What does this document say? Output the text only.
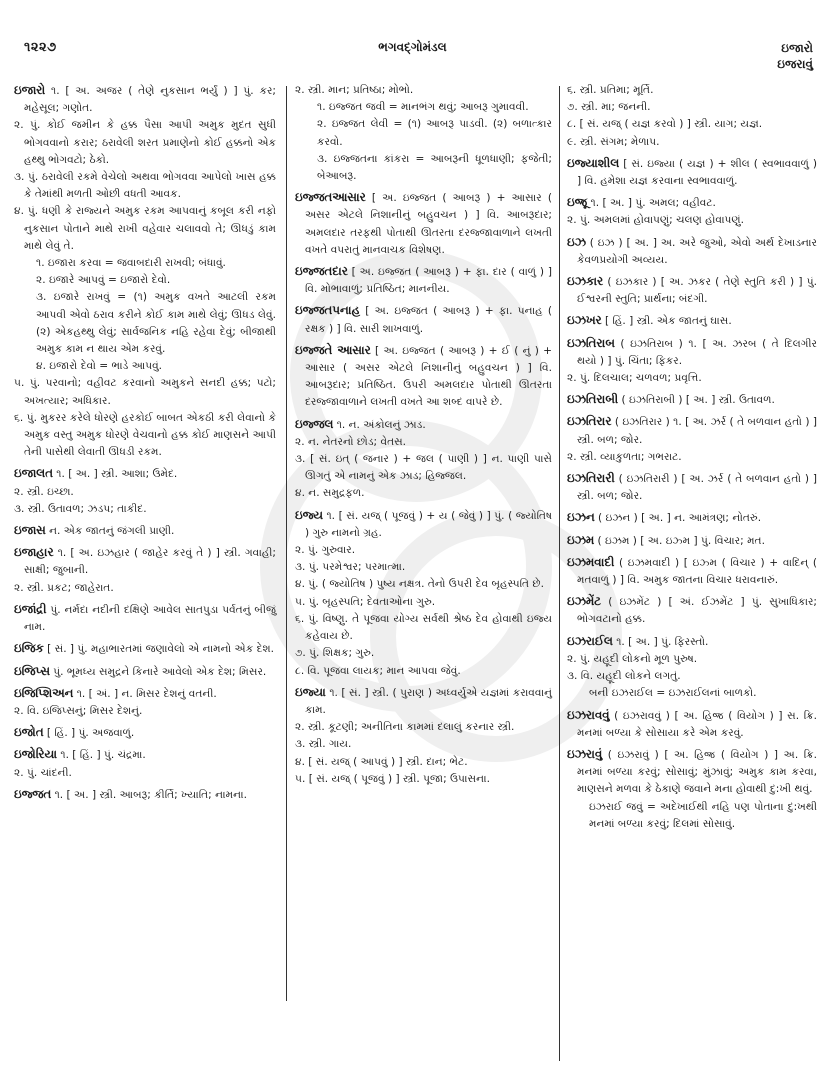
૧૨૨૭	ભગવદ્ગોમંડલ	ઇજારો
ઇજરાવું
ઇજારો ૧. [ અ. અજર ( તેણે નુકસાન ભર્યું ) ] પું. કર; મહેસૂલ; ગણોત.
૨. પું. કોઈ જમીન કે હક્ક પૈસા આપી અમુક મુદત સુધી ભોગવવાનો કરાર; ઠરાવેલી શરત પ્રમાણેનો કોઈ હક્કનો એક હથ્થુ ભોગવટો; ઠેકો.
૩. પું. ઠરાવેલી રકમે વેચેલો અથવા ભોગવવા આપેલો ખાસ હક્ક કે તેમાંથી મળતી ઓછી વધતી આવક.
૪. પું. ધણી કે રાજ્યને અમુક રકમ આપવાનું કબૂલ કરી નફો નુકસાન પોતાને માથે રાખી વહેવાર ચલાવવો તે; ઊધડું કામ માથે લેવું તે.
૧. ઇજારા કરવા = જવાબદારી રાખવી; બંધાવું.
૨. ઇજારે આપવું = ઇજારો દેવો.
૩. ઇજારે રાખવું = (૧) અમુક વખતે આટલી રકમ આપવી એવો ઠરાવ કરીને કોઈ કામ માથે લેવું; ઊધડ લેવું. (૨) એકહથ્થુ લેવું; સાર્વજનિક નહિ રહેવા દેવું; બીજાથી અમુક કામ ન થાય એમ કરવું.
૪. ઇજારો દેવો = ભાડે આપવું.
૫. પું. પરવાનો; વહીવટ કરવાનો અમુકને સનદી હક્ક; પટો; અખત્યાર; અધિકાર.
૬. પું. મુકરર કરેલે ધોરણે હરકોઈ બાબત એકઠી કરી લેવાનો કે અમુક વસ્તુ અમુક ધોરણે વેચવાનો હક્ક કોઈ માણસને આપી તેની પાસેથી લેવાતી ઊધડી રકમ.
ઇજાલત ૧. [ અ. ] સ્ત્રી. આશા; ઉમેદ.
૨. સ્ત્રી. ઇચ્છા.
૩. સ્ત્રી. ઉતાવળ; ઝડપ; તાકીદ.
ઇજાસ ન. એક જાતનું જંગલી પ્રાણી.
ઇજાહાર ૧. [ અ. ઇઝહાર ( જાહેર કરવું તે ) ] સ્ત્રી. ગવાહી; સાક્ષી; જુબાની.
૨. સ્ત્રી. પ્રકટ; જાહેરાત.
ઇજાંદ્રી પું. નર્મદા નદીની દક્ષિણે આવેલ સાતપુડા પર્વતનું બીજું નામ.
ઇજિક [ સં. ] પું. મહાભારતમાં જણાવેલો એ નામનો એક દેશ.
ઇજિપ્સ પું. ભૂમધ્ય સમુદ્રને કિનારે આવેલો એક દેશ; મિસર.
ઇજિપ્શિઅન ૧. [ અં. ] ન. મિસર દેશનું વતની.
૨. વિ. ઇજિપ્સનું; મિસર દેશનું.
ઇજોત [ હિં. ] પું. અજવાળું.
ઇજોરિયા ૧. [ હિં. ] પું. ચંદ્રમા.
૨. પું. ચાંદની.
ઇજ્જત ૧. [ અ. ] સ્ત્રી. આબરૂ; કીર્તિ; ખ્યાતિ; નામના.
૨. સ્ત્રી. માન; પ્રતિષ્ઠા; મોભો.
૧. ઇજ્જત જવી = માનભંગ થવું; આબરૂ ગુમાવવી.
૨. ઇજ્જત લેવી = (૧) આબરૂ પાડવી. (૨) બળાત્કાર કરવો.
૩. ઇજ્જતના કાંકરા = આબરૂની ધૂળધાણી; ફજેતી; બેઆબરૂ.
ઇજ્જતઆસાર [ અ. ઇજ્જત ( આબરૂ ) + આસાર ( અસર એટલે નિશાનીનું બહુવચન ) ] વિ. આબરૂદાર; અમલદાર તરફથી પોતાથી ઊતરતા દરજ્જાવાળાને લખતી વખતે વપરાતું માનવાચક વિશેષણ.
ઇજ્જતદાર [ અ. ઇજ્જત ( આબરૂ ) + ફા. દાર ( વાળું ) ] વિ. મોભાવાળું; પ્રતિષ્ઠિત; માનનીય.
ઇજ્જતપનાહ [ અ. ઇજ્જત ( આબરૂ ) + ફા. પનાહ ( રક્ષક ) ] વિ. સારી શાખવાળું.
ઇજ્જતે આસાર [ અ. ઇજ્જત ( આબરૂ ) + ઈ ( નું ) + આસાર ( અસર એટલે નિશાનીનું બહુવચન ) ] વિ. આબરૂદાર; પ્રતિષ્ઠિત. ઉપરી અમલદાર પોતાથી ઊતરતા દરજ્જાવાળાને લખતી વખતે આ શબ્દ વાપરે છે.
ઇજ્જલ ૧. ન. અંકોલનું ઝાડ.
૨. ન. નેતરનો છોડ; વેતસ.
૩. [ સં. ઇત્ ( જનાર ) + જલ ( પાણી ) ] ન. પાણી પાસે ઊગતું એ નામનું એક ઝાડ; હિજ્જલ.
૪. ન. સમુદ્રફળ.
ઇજ્ય ૧. [ સં. યજ્ ( પૂજવું ) + ય ( જેવું ) ] પું. ( જ્યોતિષ ) ગુરુ નામનો ગ્રહ.
૨. પું. ગુરુવાર.
૩. પું. પરમેશ્વર; પરમાત્મા.
૪. પું. ( જ્યોતિષ ) પુષ્ય નક્ષત્ર. તેનો ઉપરી દેવ બૃહસ્પતિ છે.
૫. પું. બૃહસ્પતિ; દેવતાઓના ગુરુ.
૬. પું. વિષ્ણુ. તે પૂજવા યોગ્ય સર્વથી શ્રેષ્ઠ દેવ હોવાથી ઇજ્ય કહેવાય છે.
૭. પું. શિક્ષક; ગુરુ.
૮. વિ. પૂજવા લાયક; માન આપવા જેવું.
ઇજ્યા ૧. [ સં. ] સ્ત્રી. ( પુરાણ ) અધ્વર્યુએ યજ્ઞમાં કરાવવાનું કામ.
૨. સ્ત્રી. કૂટણી; અનીતિના કામમાં દલાલું કરનાર સ્ત્રી.
૩. સ્ત્રી. ગાય.
૪. [ સં. યજ્ ( આપવું ) ] સ્ત્રી. દાન; ભેટ.
૫. [ સં. યજ્ ( પૂજવું ) ] સ્ત્રી. પૂજા; ઉપાસના.
૬. સ્ત્રી. પ્રતિમા; મૂર્તિ.
૭. સ્ત્રી. મા; જનની.
૮. [ સં. યજ્ ( યજ્ઞ કરવો ) ] સ્ત્રી. યાગ; યજ્ઞ.
૯. સ્ત્રી. સંગમ; મેળાપ.
ઇજ્યાશીલ [ સં. ઇજ્યા ( યજ્ઞ ) + શીલ ( સ્વભાવવાળું ) ] વિ. હમેશા યજ્ઞ કરવાના સ્વભાવવાળું.
ઇજ્રૂ ૧. [ અ. ] પું. અમલ; વહીવટ.
૨. પું. અમલમાં હોવાપણું; ચલણ હોવાપણું.
ઇઝ ( ઇઝ ) [ અ. ] અ. અરે જુઓ, એવો અર્થ દેખાડનાર કેવળપ્રયોગી અવ્યય.
ઇઝકાર ( ઇઝકાર ) [ અ. ઝકર ( તેણે સ્તુતિ કરી ) ] પું. ઈશ્વરની સ્તુતિ; પ્રાર્થના; બંદગી.
ઇઝખર [ હિં. ] સ્ત્રી. એક જાતનું ઘાસ.
ઇઝતિરાબ ( ઇઝતિરાબ ) ૧. [ અ. ઝરબ ( તે દિલગીર થયો ) ] પું. ચિંતા; ફિકર.
૨. પું. દિલચાલ; ચળવળ; પ્રવૃત્તિ.
ઇઝતિરાબી ( ઇઝતિરાબી ) [ અ. ] સ્ત્રી. ઉતાવળ.
ઇઝતિરાર ( ઇઝતિરાર ) ૧. [ અ. ઝર્ર ( તે બળવાન હતો ) ] સ્ત્રી. બળ; જોર.
૨. સ્ત્રી. વ્યાકુળતા; ગભરાટ.
ઇઝતિરારી ( ઇઝતિરારી ) [ અ. ઝર્ર ( તે બળવાન હતો ) ] સ્ત્રી. બળ; જોર.
ઇઝન ( ઇઝન ) [ અ. ] ન. આમંત્રણ; નોતરું.
ઇઝમ ( ઇઝમ ) [ અ. ઇઝ્મ ] પું. વિચાર; મત.
ઇઝમવાદી ( ઇઝમવાદી ) [ ઇઝ્મ ( વિચાર ) + વાદિન્ ( મતવાળું ) ] વિ. અમુક જાતના વિચાર ધરાવનારું.
ઇઝમેંટ ( ઇઝમેંટ ) [ અં. ઈઝમેંટ ] પું. સુખાધિકાર; ભોગવટાનો હક્ક.
ઇઝરાઈલ ૧. [ અ. ] પું. ફિરસ્તો.
૨. પું. યહૂદી લોકનો મૂળ પુરુષ.
૩. વિ. યહૂદી લોકને લગતું.
બની ઇઝરાઈલ = ઇઝરાઈલનાં બાળકો.
ઇઝરાવવું ( ઇઝરાવવું ) [ અ. હિજ્ર ( વિયોગ ) ] સ. ક્રિ. મનમાં બળ્યા કે સોસાયા કરે એમ કરવું.
ઇઝરાવું ( ઇઝરાવું ) [ અ. હિજ્ર ( વિયોગ ) ] અ. ક્રિ. મનમાં બળ્યા કરવું; સોસાવું; મુંઝાવું; અમુક કામ કરવા, માણસને મળવા કે ઠેકાણે જવાને મના હોવાથી દુ:ખી થવું.
ઇઝરાઈ જવું = અદેખાઈથી નહિ પણ પોતાના દુ:ખથી મનમાં બળ્યા કરવું; દિલમાં સોસાવું.
